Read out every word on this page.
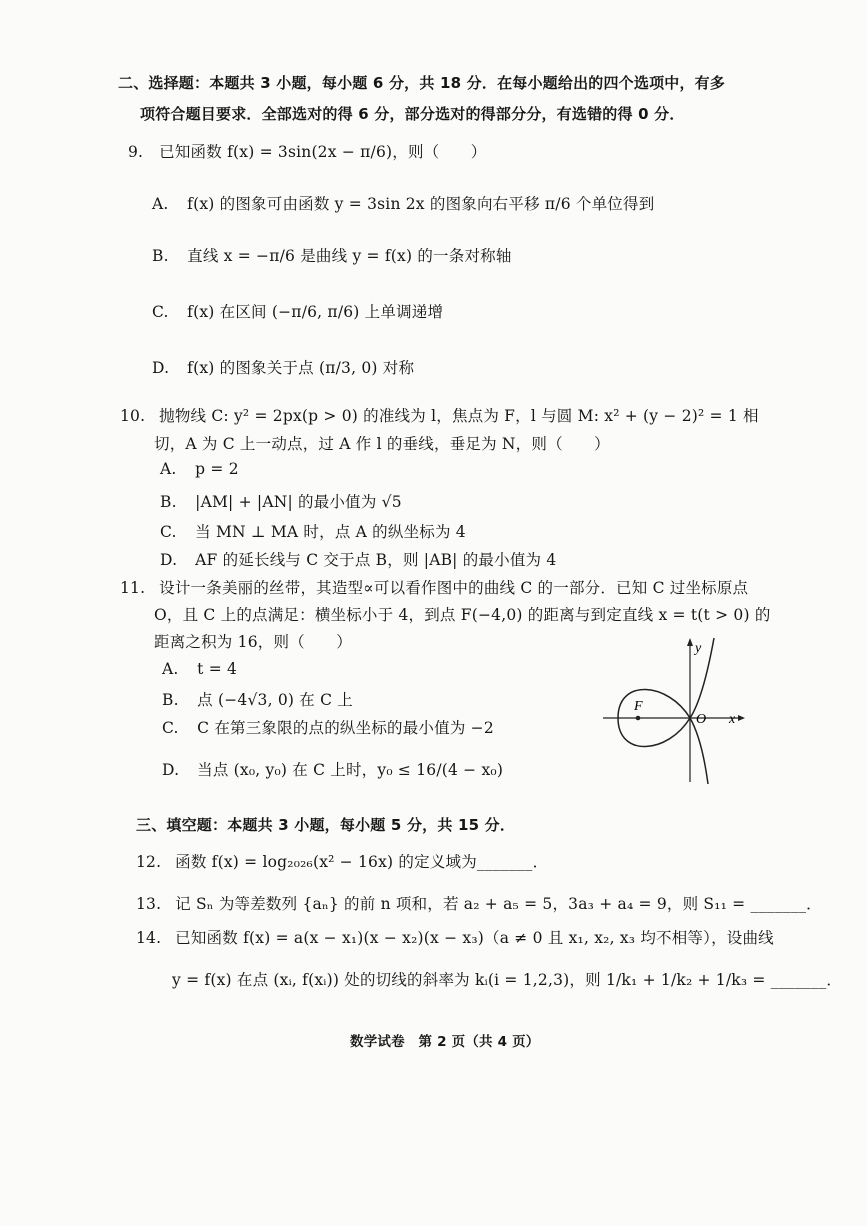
二、选择题：本题共 3 小题，每小题 6 分，共 18 分．在每小题给出的四个选项中，有多
项符合题目要求．全部选对的得 6 分，部分选对的得部分分，有选错的得 0 分．
9. 已知函数 f(x) = 3sin(2x − π/6)，则（　　）
A. f(x) 的图象可由函数 y = 3sin 2x 的图象向右平移 π/6 个单位得到
B. 直线 x = −π/6 是曲线 y = f(x) 的一条对称轴
C. f(x) 在区间 (−π/6, π/6) 上单调递增
D. f(x) 的图象关于点 (π/3, 0) 对称
10. 抛物线 C: y² = 2px(p > 0) 的准线为 l，焦点为 F，l 与圆 M: x² + (y − 2)² = 1 相
切，A 为 C 上一动点，过 A 作 l 的垂线，垂足为 N，则（　　）
A. p = 2
B. |AM| + |AN| 的最小值为 √5
C. 当 MN ⊥ MA 时，点 A 的纵坐标为 4
D. AF 的延长线与 C 交于点 B，则 |AB| 的最小值为 4
11. 设计一条美丽的丝带，其造型∝可以看作图中的曲线 C 的一部分．已知 C 过坐标原点
O，且 C 上的点满足：横坐标小于 4，到点 F(−4,0) 的距离与到定直线 x = t(t > 0) 的
距离之积为 16，则（　　）
A. t = 4
B. 点 (−4√3, 0) 在 C 上
C. C 在第三象限的点的纵坐标的最小值为 −2
D. 当点 (x₀, y₀) 在 C 上时，y₀ ≤ 16/(4 − x₀)
F
O x
y
三、填空题：本题共 3 小题，每小题 5 分，共 15 分．
12. 函数 f(x) = log₂₀₂₆(x² − 16x) 的定义域为_______．
13. 记 Sₙ 为等差数列 {aₙ} 的前 n 项和，若 a₂ + a₅ = 5，3a₃ + a₄ = 9，则 S₁₁ = _______．
14. 已知函数 f(x) = a(x − x₁)(x − x₂)(x − x₃)（a ≠ 0 且 x₁, x₂, x₃ 均不相等），设曲线
y = f(x) 在点 (xᵢ, f(xᵢ)) 处的切线的斜率为 kᵢ(i = 1,2,3)，则 1/k₁ + 1/k₂ + 1/k₃ = _______．
数学试卷　第 2 页（共 4 页）
